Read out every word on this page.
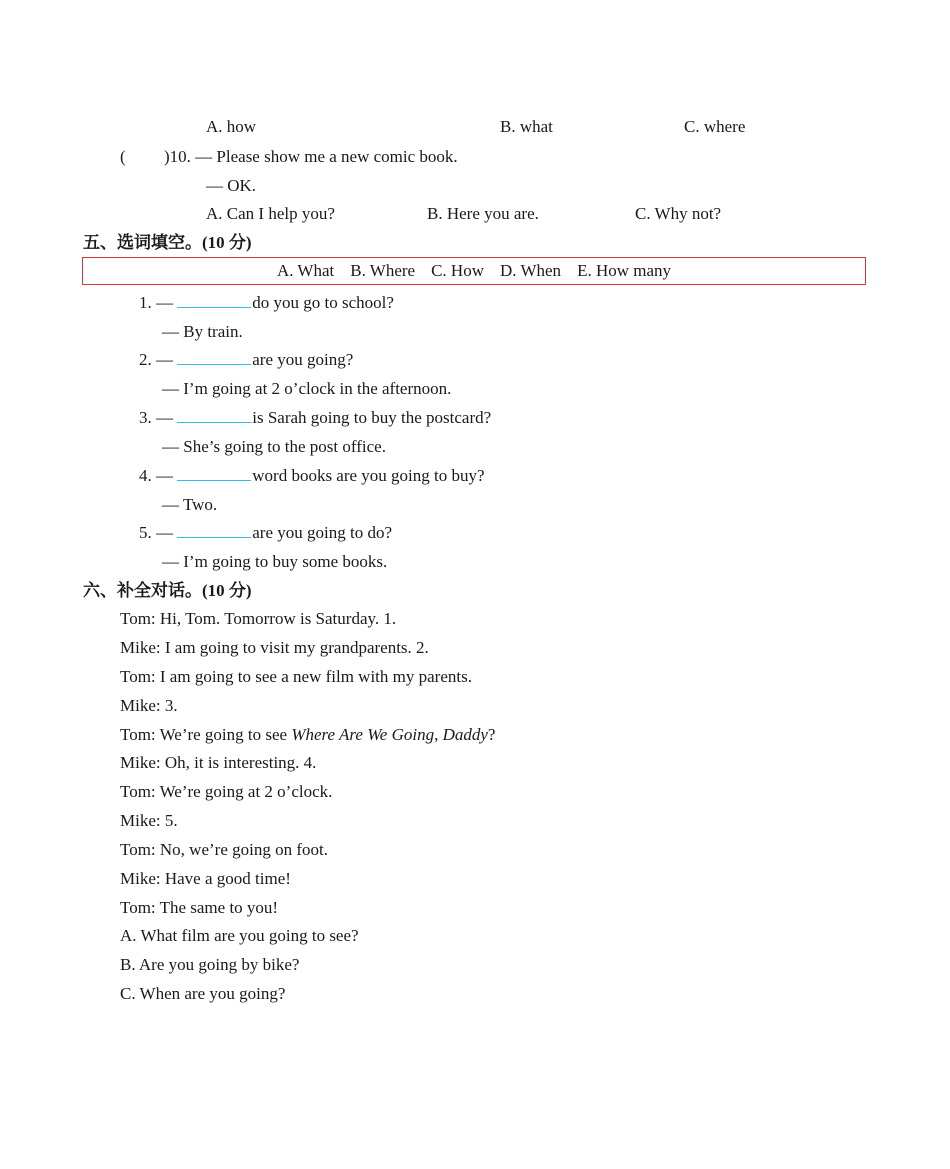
A. how	B. what	C. where
( )10. — Please show me a new comic book.
— OK.
A. Can I help you?	B. Here you are.	C. Why not?
五、选词填空。(10 分)
A. What B. Where C. How D. When E. How many
1. —	do you go to school?
— By train.
2. —	are you going?
— I’m going at 2 o’clock in the afternoon.
3. —	is Sarah going to buy the postcard?
— She’s going to the post office.
4. —	word books are you going to buy?
— Two.
5. —	are you going to do?
— I’m going to buy some books.
六、补全对话。(10 分)
Tom: Hi, Tom. Tomorrow is Saturday. 1.
Mike: I am going to visit my grandparents. 2.
Tom: I am going to see a new film with my parents.
Mike: 3.
Tom: We’re going to see Where Are We Going, Daddy?
Mike: Oh, it is interesting. 4.
Tom: We’re going at 2 o’clock.
Mike: 5.
Tom: No, we’re going on foot.
Mike: Have a good time!
Tom: The same to you!
A. What film are you going to see?
B. Are you going by bike?
C. When are you going?
